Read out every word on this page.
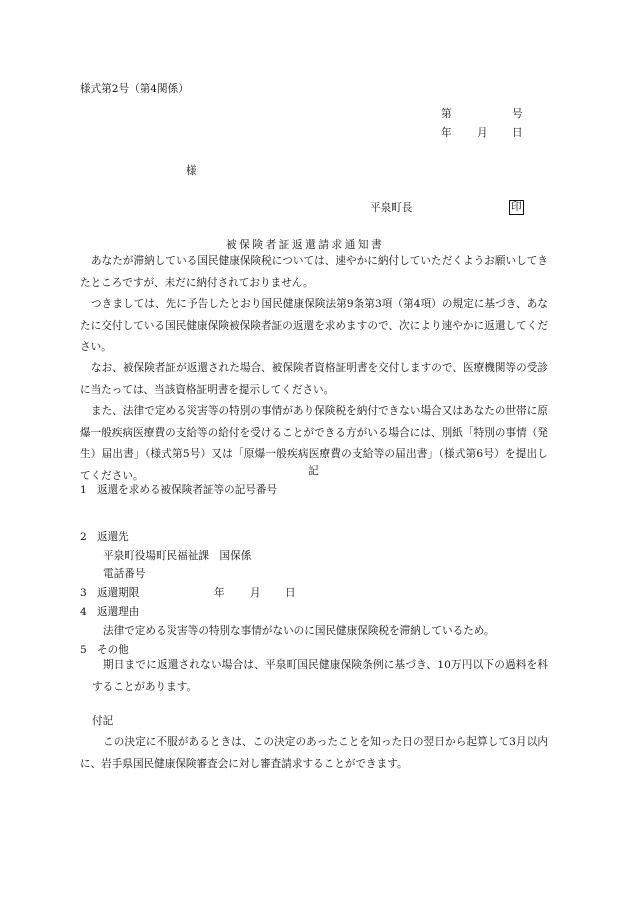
様式第2号（第4関係）
第	号
年 月 日
様
平泉町長	印
被保険者証返還請求通知書
あなたが滞納している国民健康保険税については、速やかに納付していただくようお願いしてきたところですが、未だに納付されておりません。
つきましては、先に予告したとおり国民健康保険法第9条第3項（第4項）の規定に基づき、あなたに交付している国民健康保険被保険者証の返還を求めますので、次により速やかに返還してください。
なお、被保険者証が返還された場合、被保険者資格証明書を交付しますので、医療機関等の受診に当たっては、当該資格証明書を提示してください。
また、法律で定める災害等の特別の事情があり保険税を納付できない場合又はあなたの世帯に原爆一般疾病医療費の支給等の給付を受けることができる方がいる場合には、別紙「特別の事情（発生）届出書」（様式第5号）又は「原爆一般疾病医療費の支給等の届出書」（様式第6号）を提出してください。	記
1 返還を求める被保険者証等の記号番号
2 返還先
平泉町役場町民福祉課　国保係
電話番号
3 返還期限	年 月 日
4 返還理由
法律で定める災害等の特別な事情がないのに国民健康保険税を滞納しているため。
5 その他
期日までに返還されない場合は、平泉町国民健康保険条例に基づき、10万円以下の過料を科することがあります。
付記
この決定に不服があるときは、この決定のあったことを知った日の翌日から起算して3月以内に、岩手県国民健康保険審査会に対し審査請求することができます。
